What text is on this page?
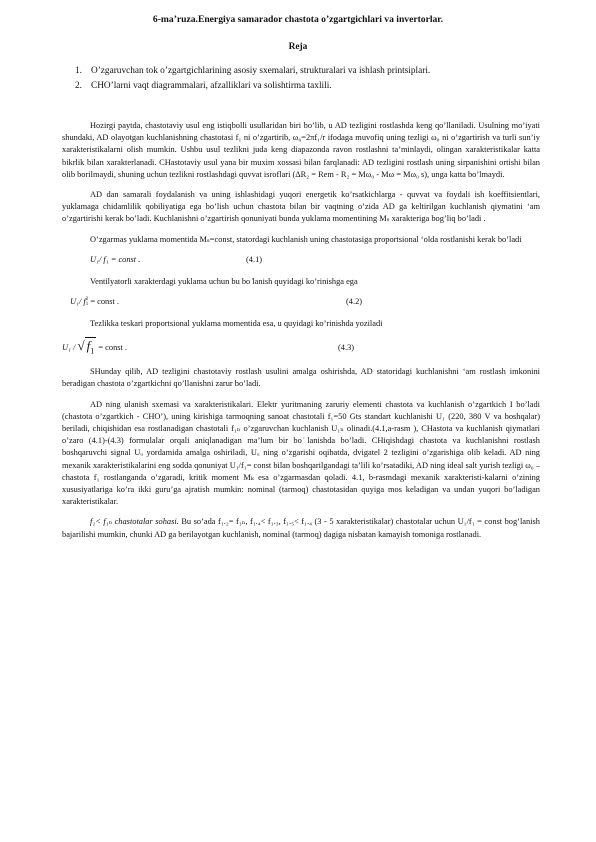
6-ma’ruza.Energiya samarador chastota o’zgartgichlari va invertorlar.
Reja
1. O’zgaruvchan tok o’zgartgichlarining asosiy sxemalari, strukturalari va ishlash printsiplari.
2. CHO’larni vaqt diagrammalari, afzalliklari va solishtirma taxlili.

Hozirgi paytda, chastotaviy usul eng istiqbolli usullaridan biri bo’lib, u AD tezligini rostlashda keng qo’llaniladi. Usulning mo’iyati shundaki, AD olayotgan kuchlanishning chastotasi f₁ ni o’zgartirib, ω₀=2πf₁/r ifodaga muvofiq uning tezligi ω₀ ni o’zgartirish va turli sun’iy xarakteristikalarni olish mumkin. Ushbu usul tezlikni juda keng diapazonda ravon rostlashni ta’minlaydi, olingan xarakteristikalar katta bikrlik bilan xarakterlanadi. CHastotaviy usul yana bir muxim xossasi bilan farqlanadi: AD tezligini rostlash uning sirpanishini ortishi bilan olib borilmaydi, shuning uchun tezlikni rostlashdagi quvvat isroflari (ΔR₂ = Rem - R₂ = Mω₀ - Mω = Mω₀ s), unga katta bo’lmaydi.

AD dan samarali foydalanish va uning ishlashidagi yuqori energetik ko’rsatkichlarga - quvvat va foydali ish koeffitsientlari, yuklamaga chidamlilik qobiliyatiga ega bo’lish uchun chastota bilan bir vaqtning o’zida AD ga keltirilgan kuchlanish qiymatini ‘am o’zgartirishi kerak bo’ladi. Kuchlanishni o’zgartirish qonuniyati bunda yuklama momentining Mₛ xarakteriga bog’liq bo’ladi .

O’zgarmas yuklama momentida Mₛ=const, statordagi kuchlanish uning chastotasiga proportsional ‘olda rostlanishi kerak bo’ladi

U₁/ f₁ = const .	(4.1)

Ventilyatorli xarakterdagi yuklama uchun bu bo ̇lanish quyidagi ko’rinishga ega

U₁/ f 2
1 = const .	(4.2)

Tezlikka teskari proportsional yuklama momentida esa, u quyidagi ko’rinishda yoziladi

U₁ / √ $f_1$ = const .	(4.3)

SHunday qilib, AD tezligini chastotaviy rostlash usulini amalga oshirishda, AD statoridagi kuchlanishni ‘am rostlash imkonini beradigan chastota o’zgartkichni qo’llanishni zarur bo’ladi.

AD ning ulanish sxemasi va xarakteristikalari. Elektr yuritmaning zaruriy elementi chastota va kuchlanish o’zgartkich I bo’ladi (chastota o’zgartkich - CHO’), uning kirishiga tarmoqning sanoat chastotali f₁=50 Gts standart kuchlanishi U₁ (220, 380 V va boshqalar) beriladi, chiqishidan esa rostlanadigan chastotali f₁ₙ o’zgaruvchan kuchlanish U₁ₙ olinadi.(4.1,a-rasm ), CHastota va kuchlanish qiymatlari o’zaro (4.1)-(4.3) formulalar orqali aniqlanadigan ma’lum bir bo ̇lanishda bo’ladi. CHiqishdagi chastota va kuchlanishni rostlash boshqaruvchi signal Uᵤ yordamida amalga oshiriladi, Uᵤ ning o’zgarishi oqibatda, dvigatel 2 tezligini o’zgarishiga olib keladi. AD ning mexanik xarakteristikalarini eng sodda qonuniyat U₁/f₁= const bilan boshqarilgandagi ta’lili ko’rsatadiki, AD ning ideal salt yurish tezligi ω₀ – chastota f₁ rostlanganda o’zgaradi, kritik moment Mₖ esa o’zgarmasdan qoladi. 4.1, b-rasmdagi mexanik xarakteristi-kalarni o’zining xususiyatlariga ko’ra ikki guru’ga ajratish mumkin: nominal (tarmoq) chastotasidan quyiga mos keladigan va undan yuqori bo’ladigan xarakteristikalar.

f₁< f₁ₙ chastotalar sohasi. Bu so’ada f₁.₂= f₁ₙ, f₁.₄< f₁.₃, f₁.₅< f₁.₄ (3 - 5 xarakteristikalar) chastotalar uchun U₁/f₁ = const bog’lanish bajarilishi mumkin, chunki AD ga berilayotgan kuchlanish, nominal (tarmoq) dagiga nisbatan kamayish tomoniga rostlanadi.
